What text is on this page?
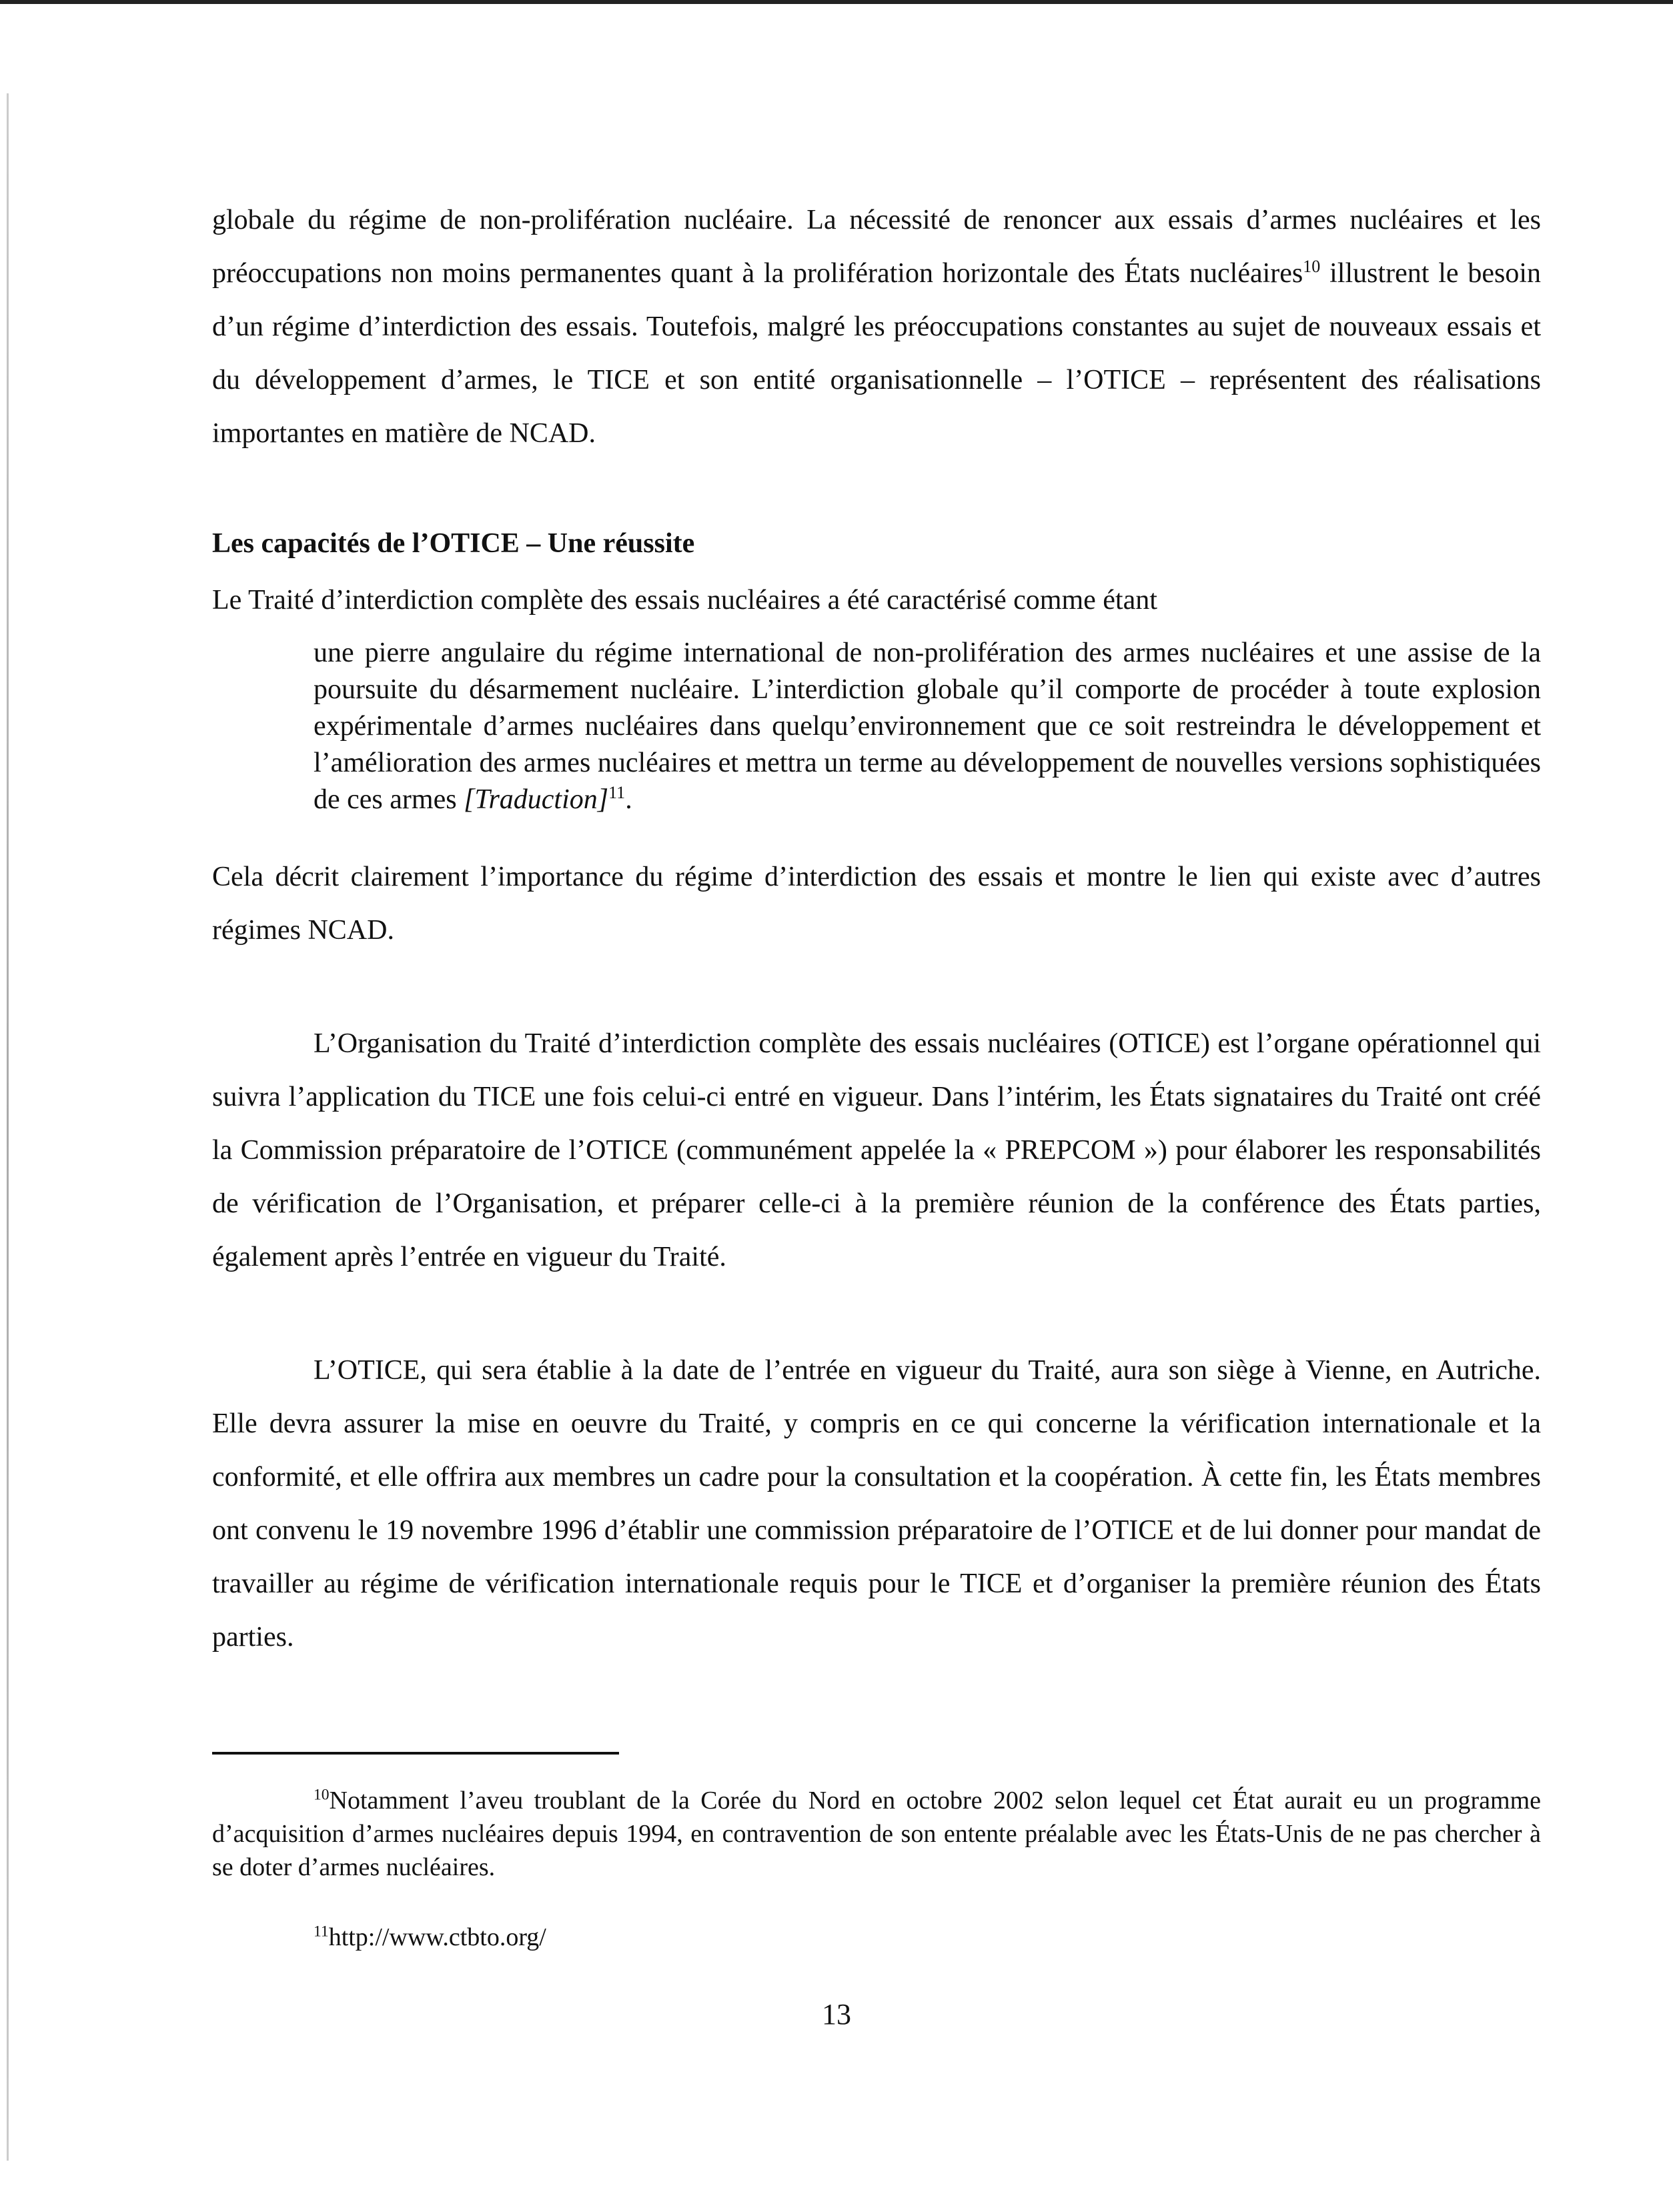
globale du régime de non-prolifération nucléaire. La nécessité de renoncer aux essais d’armes nucléaires et les préoccupations non moins permanentes quant à la prolifération horizontale des États nucléaires$^{10}$ illustrent le besoin d’un régime d’interdiction des essais. Toutefois, malgré les préoccupations constantes au sujet de nouveaux essais et du développement d’armes, le TICE et son entité organisationnelle – l’OTICE – représentent des réalisations importantes en matière de NCAD.

Les capacités de l’OTICE – Une réussite
Le Traité d’interdiction complète des essais nucléaires a été caractérisé comme étant

une pierre angulaire du régime international de non-prolifération des armes nucléaires et une assise de la poursuite du désarmement nucléaire. L’interdiction globale qu’il comporte de procéder à toute explosion expérimentale d’armes nucléaires dans quelqu’environnement que ce soit restreindra le développement et l’amélioration des armes nucléaires et mettra un terme au développement de nouvelles versions sophistiquées de ces armes [Traduction]$^{11}$.

Cela décrit clairement l’importance du régime d’interdiction des essais et montre le lien qui existe avec d’autres régimes NCAD.

L’Organisation du Traité d’interdiction complète des essais nucléaires (OTICE) est l’organe opérationnel qui suivra l’application du TICE une fois celui-ci entré en vigueur. Dans l’intérim, les États signataires du Traité ont créé la Commission préparatoire de l’OTICE (communément appelée la « PREPCOM ») pour élaborer les responsabilités de vérification de l’Organisation, et préparer celle-ci à la première réunion de la conférence des États parties, également après l’entrée en vigueur du Traité.

L’OTICE, qui sera établie à la date de l’entrée en vigueur du Traité, aura son siège à Vienne, en Autriche. Elle devra assurer la mise en oeuvre du Traité, y compris en ce qui concerne la vérification internationale et la conformité, et elle offrira aux membres un cadre pour la consultation et la coopération. À cette fin, les États membres ont convenu le 19 novembre 1996 d’établir une commission préparatoire de l’OTICE et de lui donner pour mandat de travailler au régime de vérification internationale requis pour le TICE et d’organiser la première réunion des États parties.

$^{10}$Notamment l’aveu troublant de la Corée du Nord en octobre 2002 selon lequel cet État aurait eu un programme d’acquisition d’armes nucléaires depuis 1994, en contravention de son entente préalable avec les États-Unis de ne pas chercher à se doter d’armes nucléaires.

$^{11}$http://www.ctbto.org/

13
